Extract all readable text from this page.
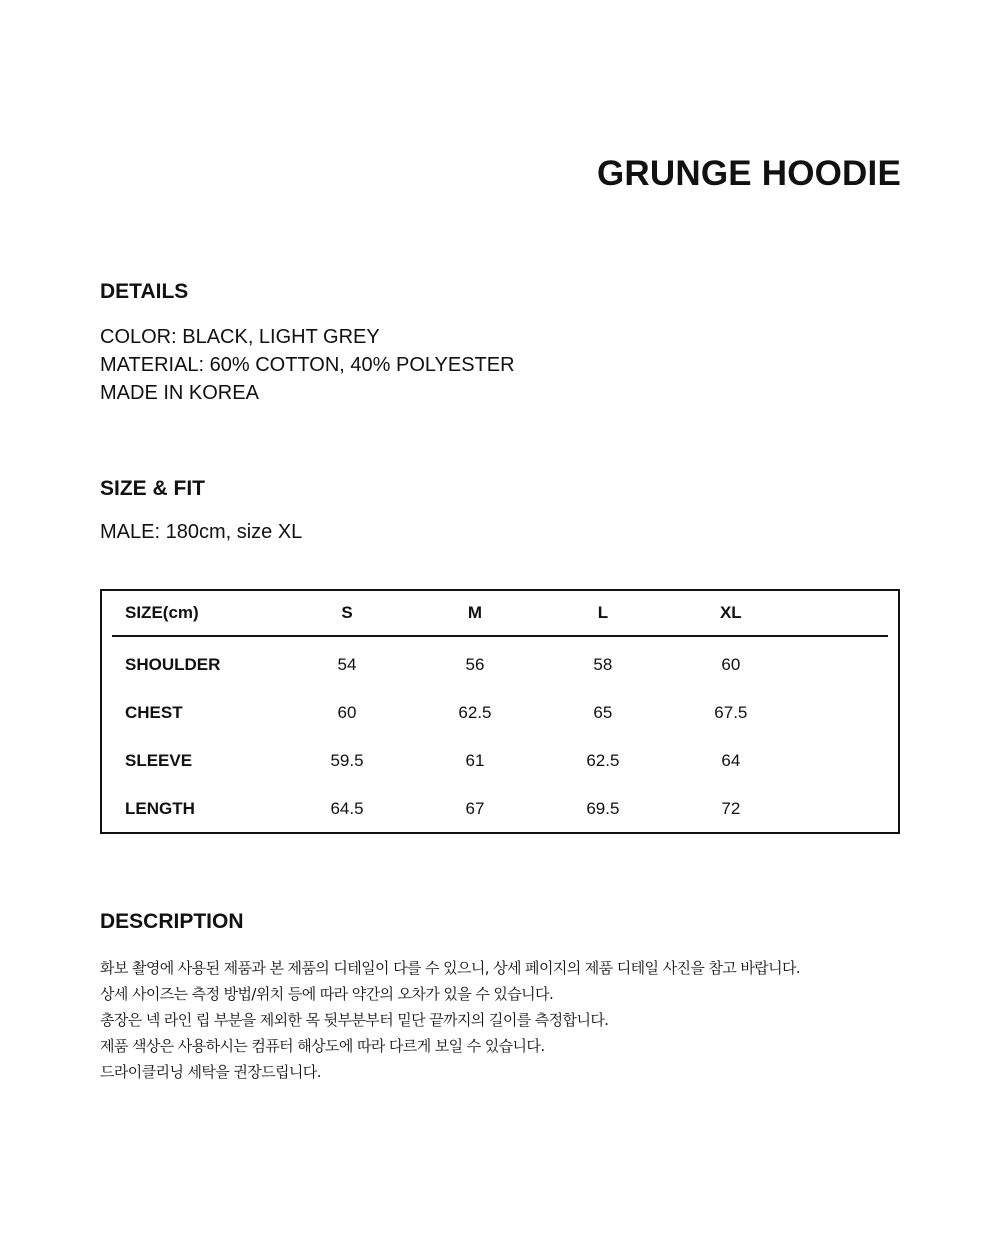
GRUNGE HOODIE
DETAILS
COLOR: BLACK, LIGHT GREY
MATERIAL: 60% COTTON, 40% POLYESTER
MADE IN KOREA
SIZE & FIT

MALE: 180cm, size XL

SIZE(cm)	S	M	L	XL	
SHOULDER	54	56	58	60	
CHEST	60	62.5	65	67.5	
SLEEVE	59.5	61	62.5	64	
LENGTH	64.5	67	69.5	72	
DESCRIPTION
화보 촬영에 사용된 제품과 본 제품의 디테일이 다를 수 있으니, 상세 페이지의 제품 디테일 사진을 참고 바랍니다.
상세 사이즈는 측정 방법/위치 등에 따라 약간의 오차가 있을 수 있습니다.
총장은 넥 라인 립 부분을 제외한 목 뒷부분부터 밑단 끝까지의 길이를 측정합니다.
제품 색상은 사용하시는 컴퓨터 해상도에 따라 다르게 보일 수 있습니다.
드라이클리닝 세탁을 권장드립니다.
